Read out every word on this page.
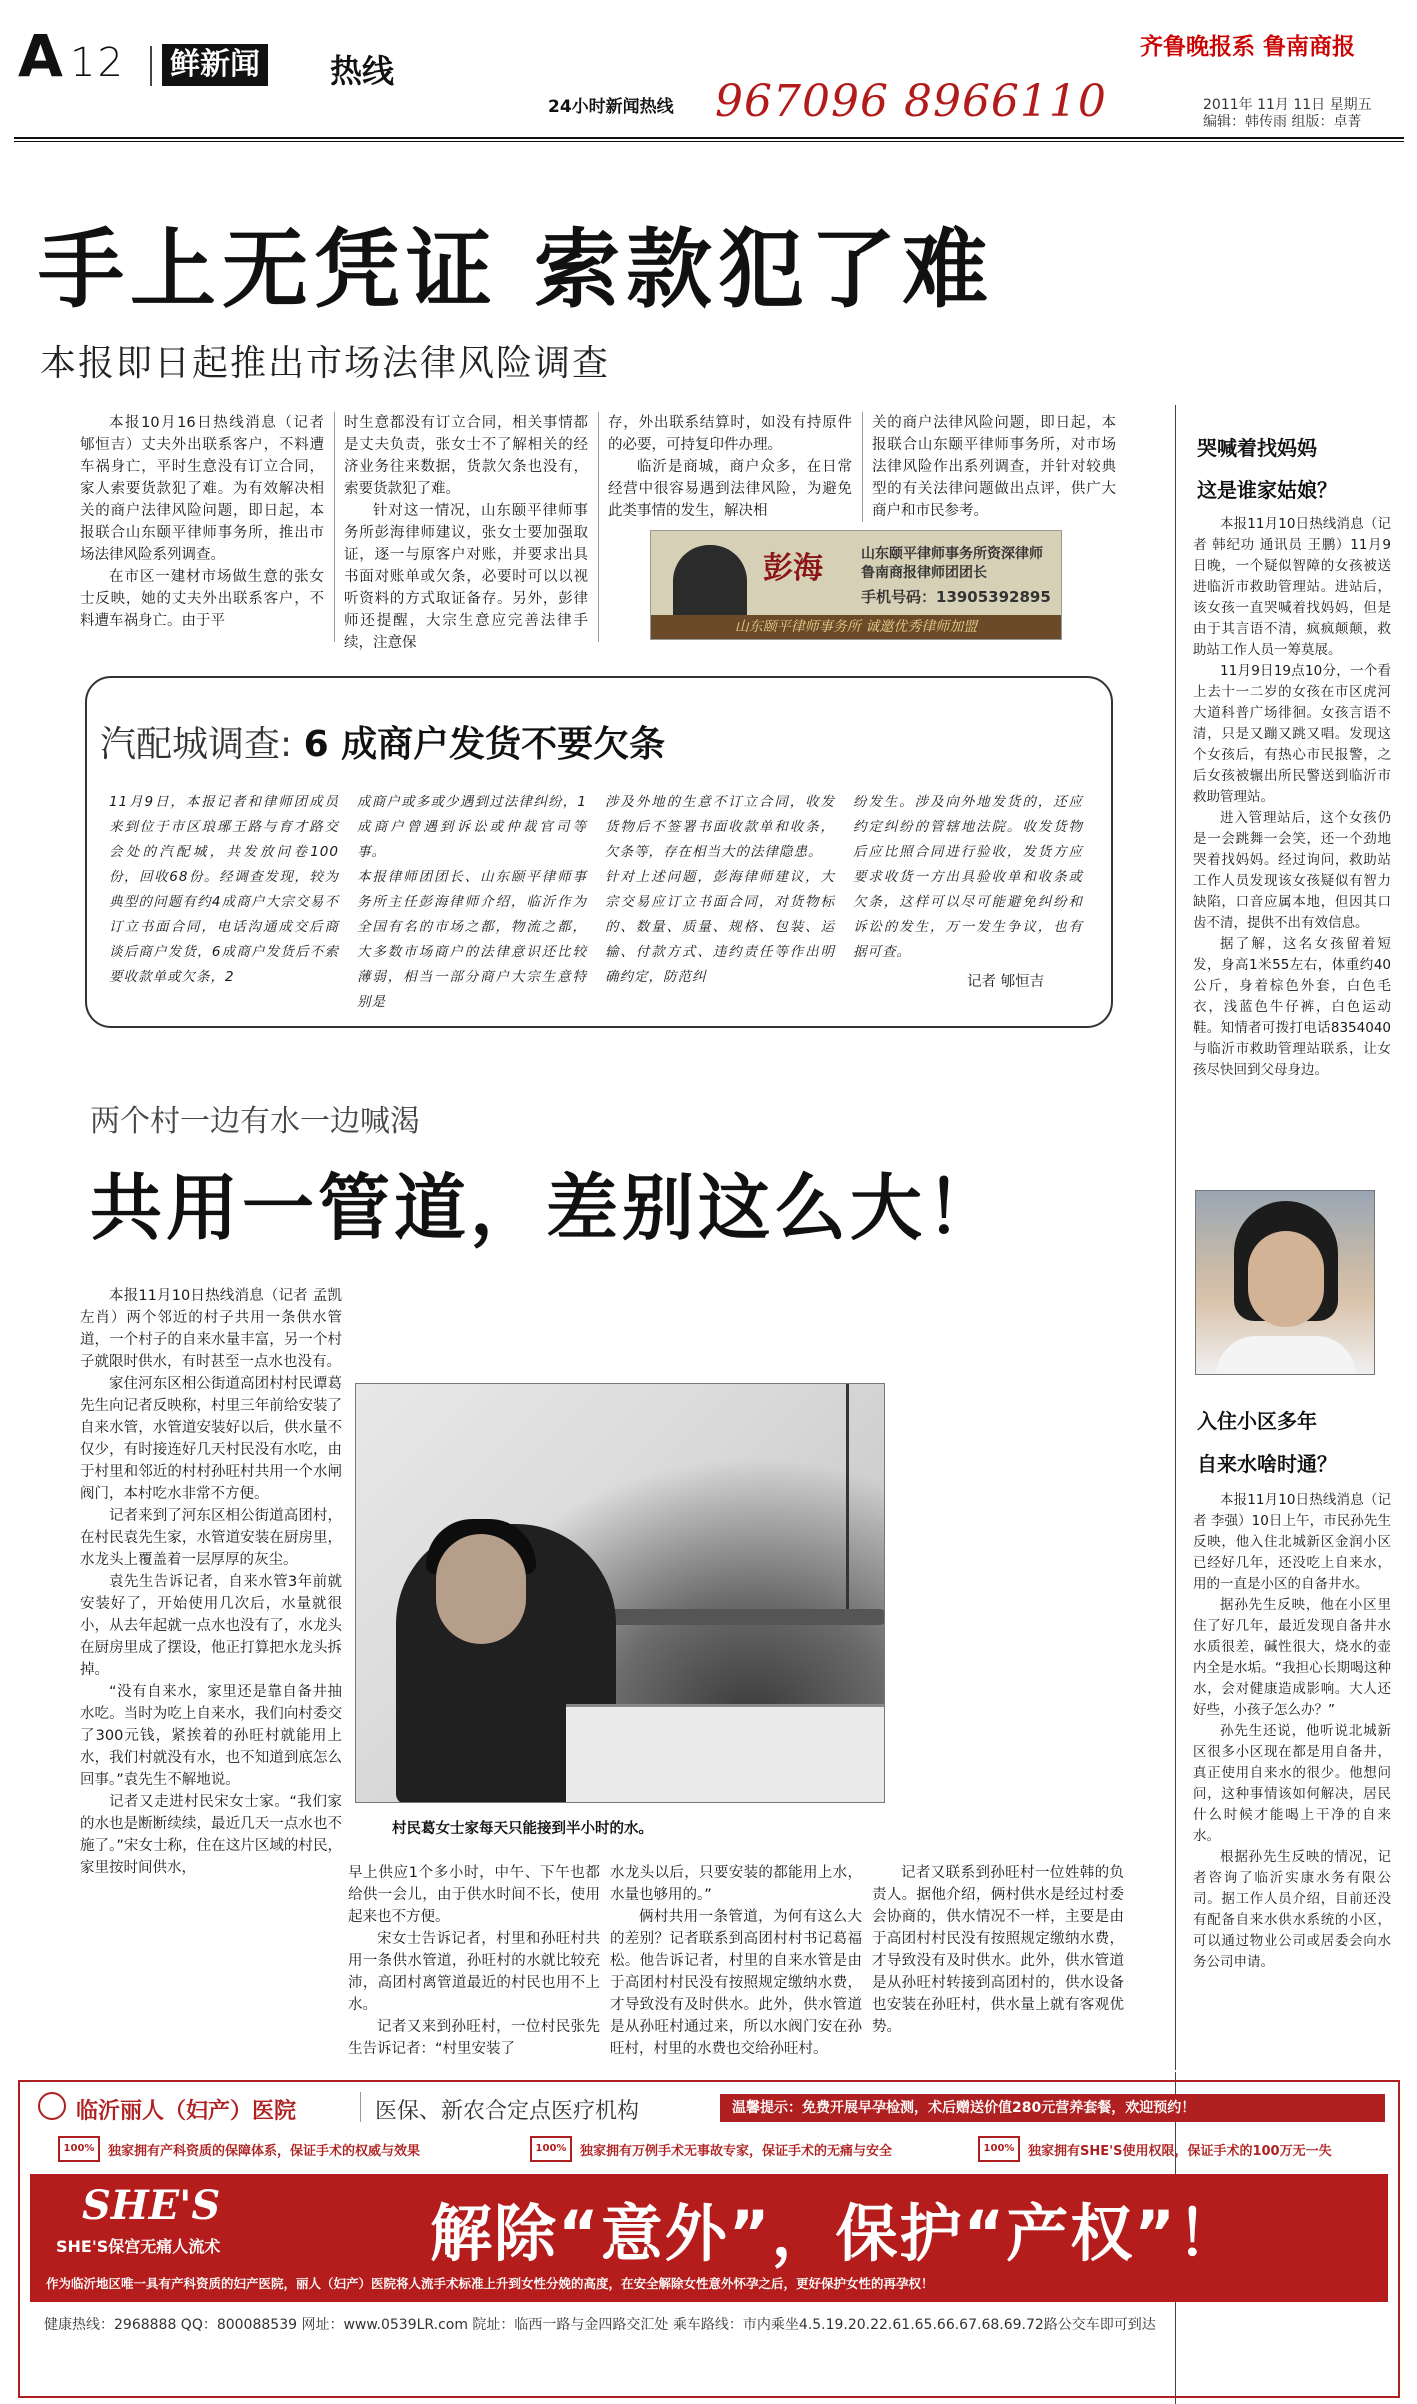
A 12 鲜新闻 热线
24小时新闻热线 967096 8966110
齐鲁晚报系 鲁南商报
2011年 11月 11日 星期五
编辑：韩传雨 组版：卓菁
手上无凭证 索款犯了难
本报即日起推出市场法律风险调查

本报10月16日热线消息（记者 郇恒吉）丈夫外出联系客户，不料遭车祸身亡，平时生意没有订立合同，家人索要货款犯了难。为有效解决相关的商户法律风险问题，即日起，本报联合山东颐平律师事务所，推出市场法律风险系列调查。

在市区一建材市场做生意的张女士反映，她的丈夫外出联系客户，不料遭车祸身亡。由于平

时生意都没有订立合同，相关事情都是丈夫负责，张女士不了解相关的经济业务往来数据，货款欠条也没有，索要货款犯了难。

针对这一情况，山东颐平律师事务所彭海律师建议，张女士要加强取证，逐一与原客户对账，并要求出具书面对账单或欠条，必要时可以以视听资料的方式取证备存。另外，彭律师还提醒，大宗生意应完善法律手续，注意保

存，外出联系结算时，如没有持原件的必要，可持复印件办理。

临沂是商城，商户众多，在日常经营中很容易遇到法律风险，为避免此类事情的发生，解决相

关的商户法律风险问题，即日起，本报联合山东颐平律师事务所，对市场法律风险作出系列调查，并针对较典型的有关法律问题做出点评，供广大商户和市民参考。

彭海	山东颐平律师事务所资深律师
鲁南商报律师团团长
手机号码：13905392895
山东颐平律师事务所 诚邀优秀律师加盟
11月9日，本报记者和律师团成员来到位于市区琅琊王路与育才路交会处的汽配城，共发放问卷100份，回收68份。经调查发现，较为典型的问题有约4成商户大宗交易不订立书面合同，电话沟通成交后商谈后商户发货，6成商户发货后不索要收款单或欠条，2
成商户或多或少遇到过法律纠纷，1成商户曾遇到诉讼或仲裁官司等事。
本报律师团团长、山东颐平律师事务所主任彭海律师介绍，临沂作为全国有名的市场之都，物流之都，大多数市场商户的法律意识还比较薄弱，相当一部分商户大宗生意特别是
涉及外地的生意不订立合同，收发货物后不签署书面收款单和收条，欠条等，存在相当大的法律隐患。
针对上述问题，彭海律师建议，大宗交易应订立书面合同，对货物标的、数量、质量、规格、包装、运输、付款方式、违约责任等作出明确约定，防范纠
纷发生。涉及向外地发货的，还应约定纠纷的管辖地法院。收发货物后应比照合同进行验收，发货方应要求收货一方出具验收单和收条或欠条，这样可以尽可能避免纠纷和诉讼的发生，万一发生争议，也有据可查。
记者 郇恒吉
汽配城调查: 6 成商户发货不要欠条
两个村一边有水一边喊渴
共用一管道，差别这么大！

本报11月10日热线消息（记者 孟凯 左肖）两个邻近的村子共用一条供水管道，一个村子的自来水量丰富，另一个村子就限时供水，有时甚至一点水也没有。

家住河东区相公街道高团村村民谭葛先生向记者反映称，村里三年前给安装了自来水管，水管道安装好以后，供水量不仅少，有时接连好几天村民没有水吃，由于村里和邻近的村村孙旺村共用一个水闸阀门，本村吃水非常不方便。

记者来到了河东区相公街道高团村，在村民袁先生家，水管道安装在厨房里，水龙头上覆盖着一层厚厚的灰尘。

袁先生告诉记者，自来水管3年前就安装好了，开始使用几次后，水量就很小，从去年起就一点水也没有了，水龙头在厨房里成了摆设，他正打算把水龙头拆掉。

“没有自来水，家里还是靠自备井抽水吃。当时为吃上自来水，我们向村委交了300元钱，紧挨着的孙旺村就能用上水，我们村就没有水，也不知道到底怎么回事。”袁先生不解地说。

记者又走进村民宋女士家。“我们家的水也是断断续续，最近几天一点水也不施了。”宋女士称，住在这片区域的村民，家里按时间供水，

村民葛女士家每天只能接到半小时的水。

早上供应1个多小时，中午、下午也都给供一会儿，由于供水时间不长，使用起来也不方便。

宋女士告诉记者，村里和孙旺村共用一条供水管道，孙旺村的水就比较充沛，高团村离管道最近的村民也用不上水。

记者又来到孙旺村，一位村民张先生告诉记者：“村里安装了

水龙头以后，只要安装的都能用上水，水量也够用的。”

俩村共用一条管道，为何有这么大的差别？记者联系到高团村村书记葛福松。他告诉记者，村里的自来水管是由于高团村村民没有按照规定缴纳水费，才导致没有及时供水。此外，供水管道是从孙旺村通过来，所以水阀门安在孙旺村，村里的水费也交给孙旺村。

记者又联系到孙旺村一位姓韩的负责人。据他介绍，俩村供水是经过村委会协商的，供水情况不一样，主要是由于高团村村民没有按照规定缴纳水费，才导致没有及时供水。此外，供水管道是从孙旺村转接到高团村的，供水设备也安装在孙旺村，供水量上就有客观优势。

哭喊着找妈妈
这是谁家姑娘？

本报11月10日热线消息（记者 韩纪功 通讯员 王鹏）11月9日晚，一个疑似智障的女孩被送进临沂市救助管理站。进站后，该女孩一直哭喊着找妈妈，但是由于其言语不清，疯疯颠颠，救助站工作人员一筹莫展。

11月9日19点10分，一个看上去十一二岁的女孩在市区虎河大道科普广场徘徊。女孩言语不清，只是又蹦又跳又唱。发现这个女孩后，有热心市民报警，之后女孩被辗出所民警送到临沂市救助管理站。

进入管理站后，这个女孩仍是一会跳舞一会笑，还一个劲地哭着找妈妈。经过询问，救助站工作人员发现该女孩疑似有智力缺陷，口音应属本地，但因其口齿不清，提供不出有效信息。

据了解，这名女孩留着短发，身高1米55左右，体重约40公斤，身着棕色外套，白色毛衣，浅蓝色牛仔裤，白色运动鞋。知情者可拨打电话8354040与临沂市救助管理站联系，让女孩尽快回到父母身边。

入住小区多年
自来水啥时通？

本报11月10日热线消息（记者 李强）10日上午，市民孙先生反映，他入住北城新区金润小区已经好几年，还没吃上自来水，用的一直是小区的自备井水。

据孙先生反映，他在小区里住了好几年，最近发现自备井水水质很差，碱性很大，烧水的壶内全是水垢。“我担心长期喝这种水，会对健康造成影响。大人还好些，小孩子怎么办？”

孙先生还说，他听说北城新区很多小区现在都是用自备井，真正使用自来水的很少。他想问问，这种事情该如何解决，居民什么时候才能喝上干净的自来水。

根据孙先生反映的情况，记者咨询了临沂实康水务有限公司。据工作人员介绍，目前还没有配备自来水供水系统的小区，可以通过物业公司或居委会向水务公司申请。

临沂丽人（妇产）医院	医保、新农合定点医疗机构	温馨提示：免费开展早孕检测，术后赠送价值280元营养套餐，欢迎预约！
100%	独家拥有产科资质的保障体系，保证手术的权威与效果	100%	独家拥有万例手术无事故专家，保证手术的无痛与安全	100%	独家拥有SHE'S使用权限，保证手术的100万无一失
SHE'S
SHE'S保宫无痛人流术	解除“意外”，保护“产权”！
作为临沂地区唯一具有产科资质的妇产医院，丽人（妇产）医院将人流手术标准上升到女性分娩的高度，在安全解除女性意外怀孕之后，更好保护女性的再孕权！
健康热线：2968888 QQ：800088539 网址：www.0539LR.com 院址：临西一路与金四路交汇处 乘车路线：市内乘坐4.5.19.20.22.61.65.66.67.68.69.72路公交车即可到达
